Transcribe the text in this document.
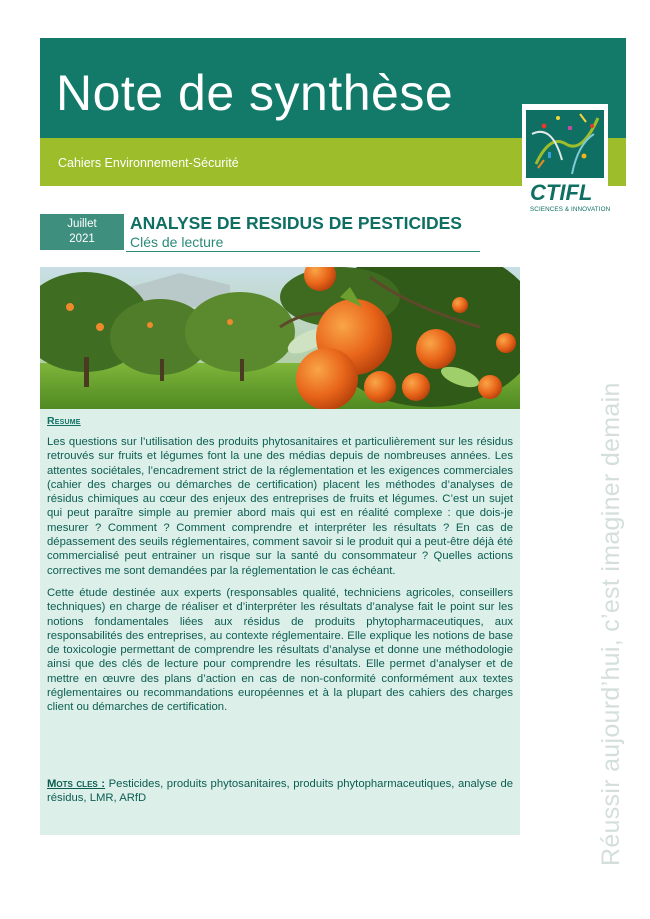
Note de synthèse
Cahiers Environnement-Sécurité
CTIFL
SCIENCES & INNOVATION
Juillet
2021
ANALYSE DE RESIDUS DE PESTICIDES
Clés de lecture

Resume

Les questions sur l’utilisation des produits phytosanitaires et particulièrement sur les résidus retrouvés sur fruits et légumes font la une des médias depuis de nombreuses années. Les attentes sociétales, l’encadrement strict de la réglementation et les exigences commerciales (cahier des charges ou démarches de certification) placent les méthodes d’analyses de résidus chimiques au cœur des enjeux des entreprises de fruits et légumes. C’est un sujet qui peut paraître simple au premier abord mais qui est en réalité complexe : que dois-je mesurer ? Comment ? Comment comprendre et interpréter les résultats ? En cas de dépassement des seuils réglementaires, comment savoir si le produit qui a peut-être déjà été commercialisé peut entrainer un risque sur la santé du consommateur ? Quelles actions correctives me sont demandées par la réglementation le cas échéant.

Cette étude destinée aux experts (responsables qualité, techniciens agricoles, conseillers techniques) en charge de réaliser et d’interpréter les résultats d’analyse fait le point sur les notions fondamentales liées aux résidus de produits phytopharmaceutiques, aux responsabilités des entreprises, au contexte réglementaire. Elle explique les notions de base de toxicologie permettant de comprendre les résultats d’analyse et donne une méthodologie ainsi que des clés de lecture pour comprendre les résultats. Elle permet d’analyser et de mettre en œuvre des plans d’action en cas de non-conformité conformément aux textes réglementaires ou recommandations européennes et à la plupart des cahiers des charges client ou démarches de certification.

Mots cles : Pesticides, produits phytosanitaires, produits phytopharmaceutiques, analyse de résidus, LMR, ARfD	Réussir aujourd’hui, c’est imaginer demain
